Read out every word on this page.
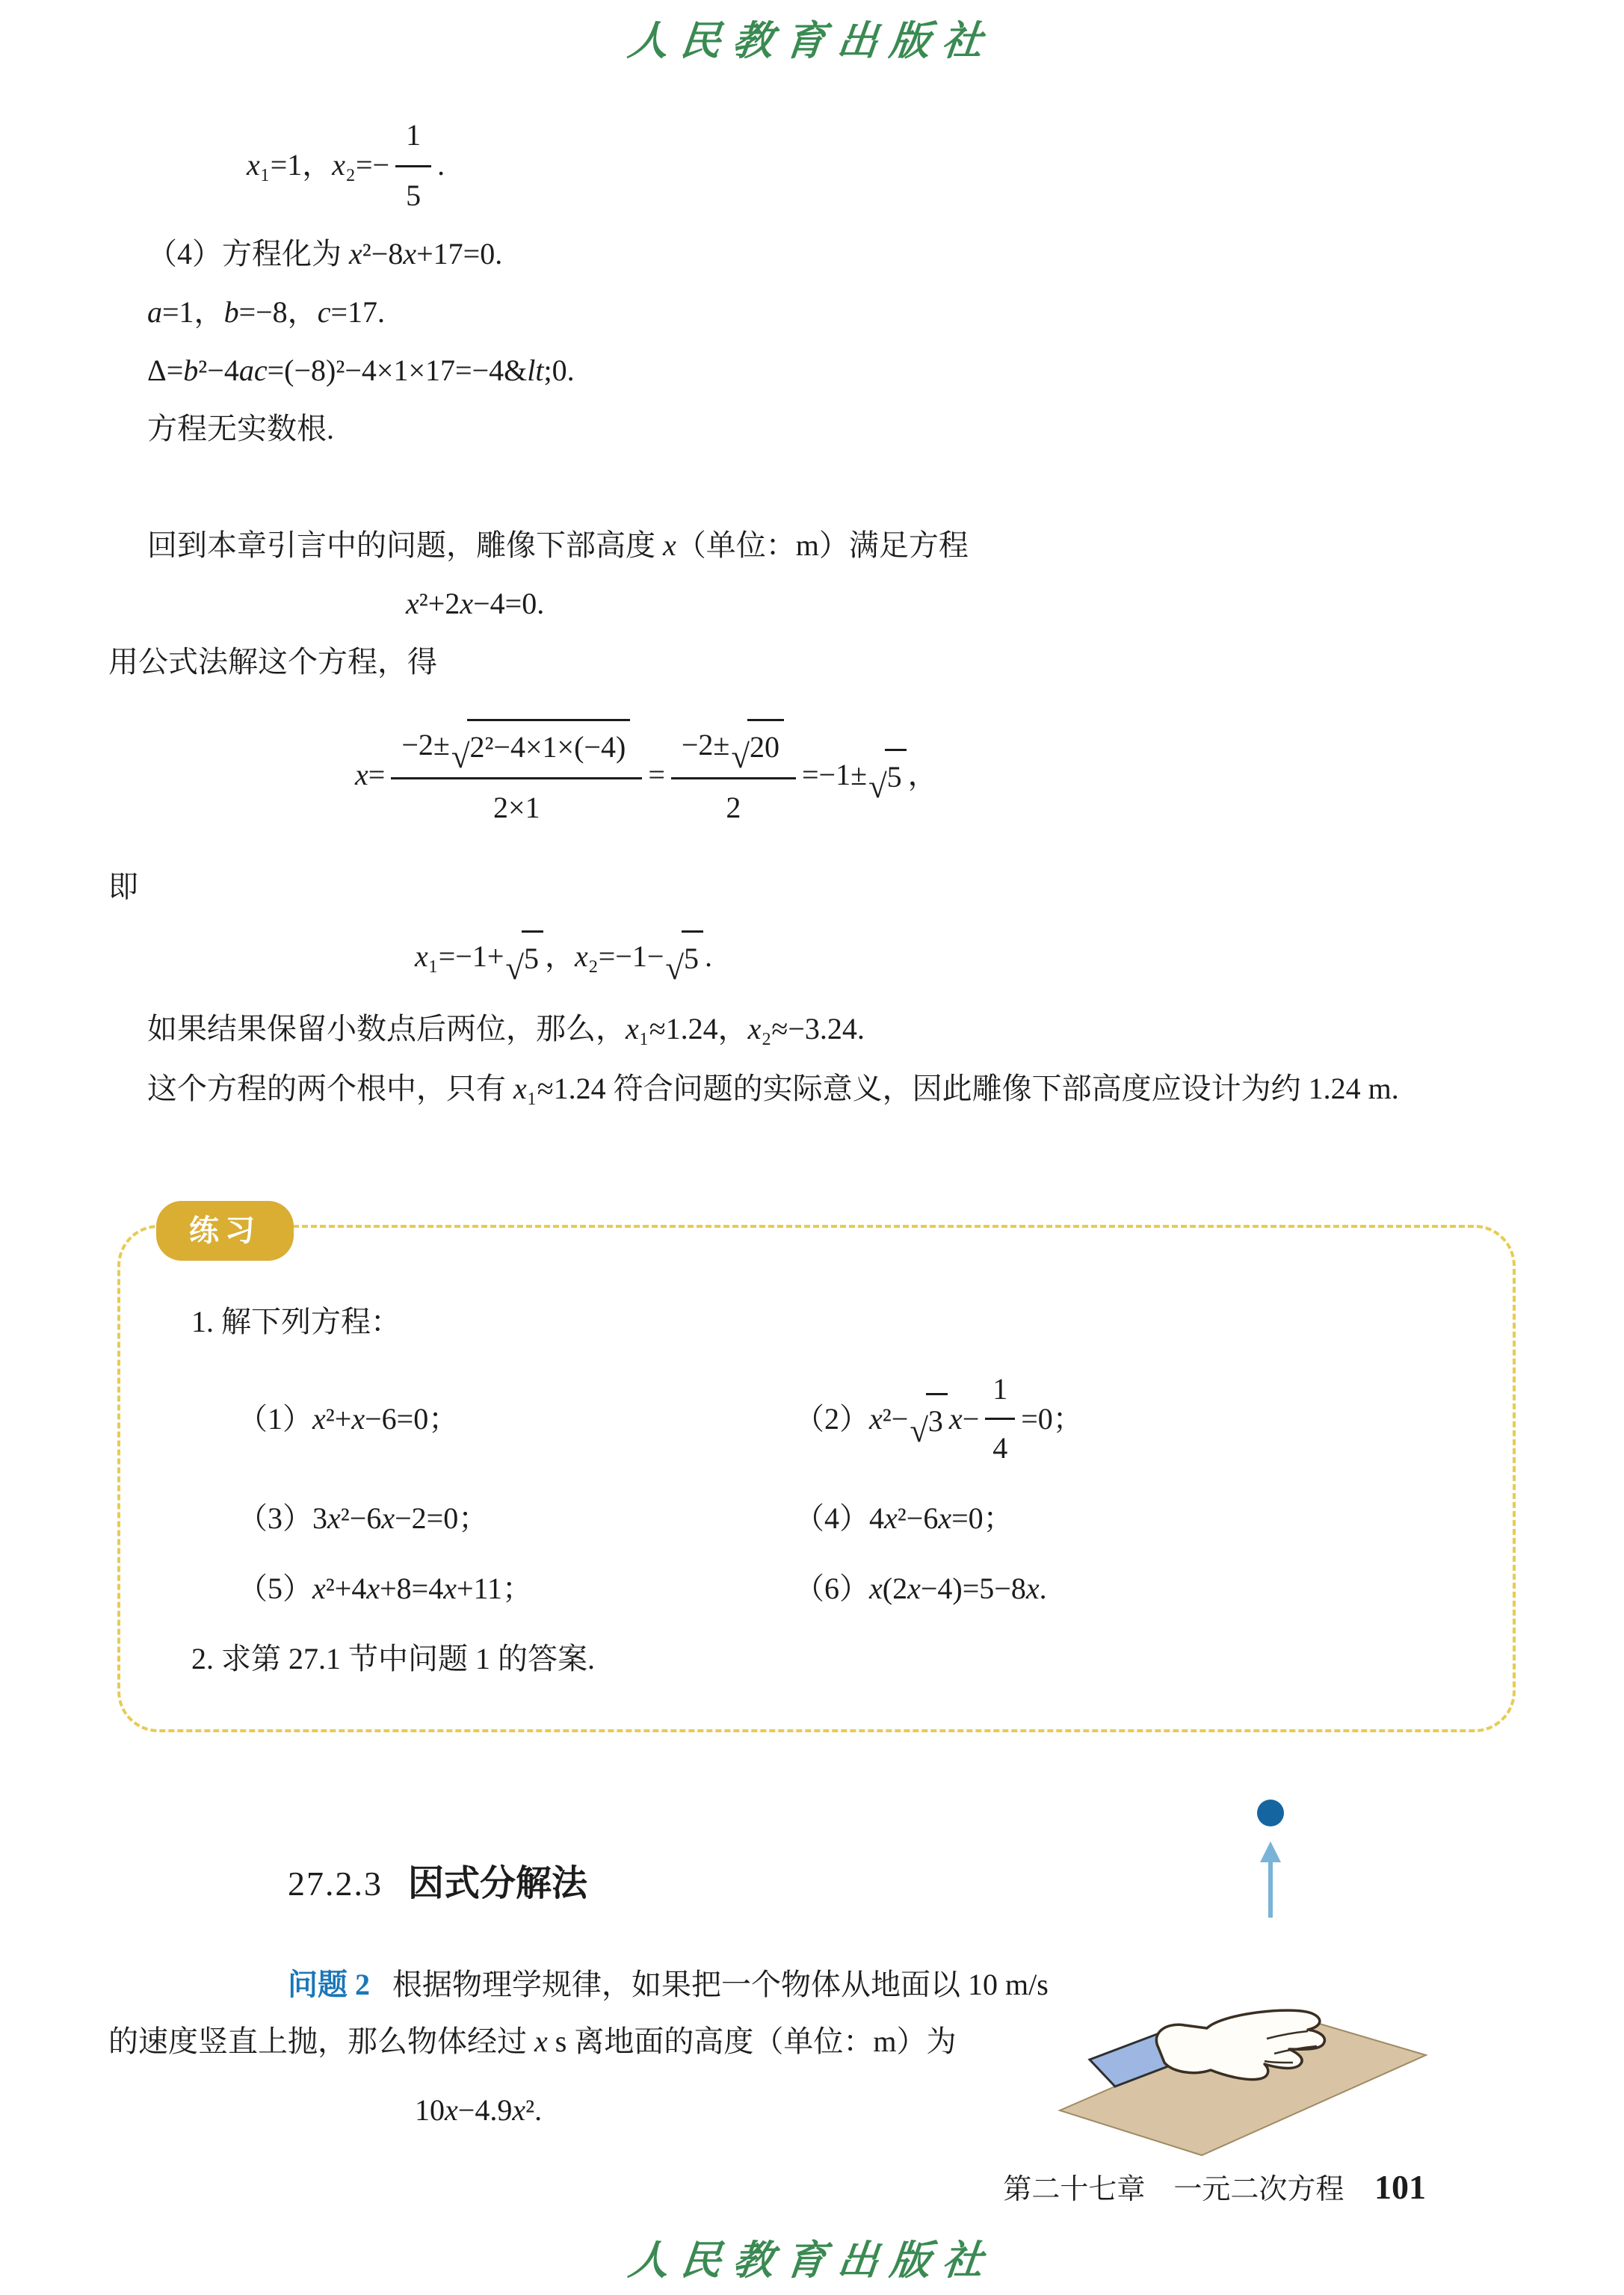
人民教育出版社
x₁=1，$x_2=- \frac{1}{5}$ .

（4）方程化为 x²−8x+17=0.

a=1，b=−8，c=17.

Δ=b²−4ac=(−8)²−4×1×17=−4&lt;0.

方程无实数根.

回到本章引言中的问题，雕像下部高度 x（单位：m）满足方程

x²+2x−4=0.

用公式法解这个方程，得

$x= \frac{\text{−2± √ 2²−4×1×(−4)}}{2\times 1} = \frac{-2\pm √ 20}{2} =-1\pm$ √ 5 ，

即

x₁=−1+ √ 5 ，x₂=−1− √ 5 .

如果结果保留小数点后两位，那么，x₁≈1.24，x₂≈−3.24.

这个方程的两个根中，只有 x₁≈1.24 符合问题的实际意义，因此雕像下部高度应设计为约 1.24 m.

练习

1. 解下列方程：

（1） x ²+ x −6=0；	（2）x²− √ 3 $x- \frac{1}{4} =0$；
（3）3 x ²−6 x −2=0；	（4）4 x ²−6 x =0；
（5） x ²+4 x +8=4 x +11；	（6） x (2 x −4)=5−8 x .

2. 求第 27.1 节中问题 1 的答案.

27.2.3 因式分解法

问题 2 根据物理学规律，如果把一个物体从地面以 10 m/s 的速度竖直上抛，那么物体经过 x s 离地面的高度（单位：m）为

10x−4.9x².
第二十七章　一元二次方程 101
人民教育出版社
